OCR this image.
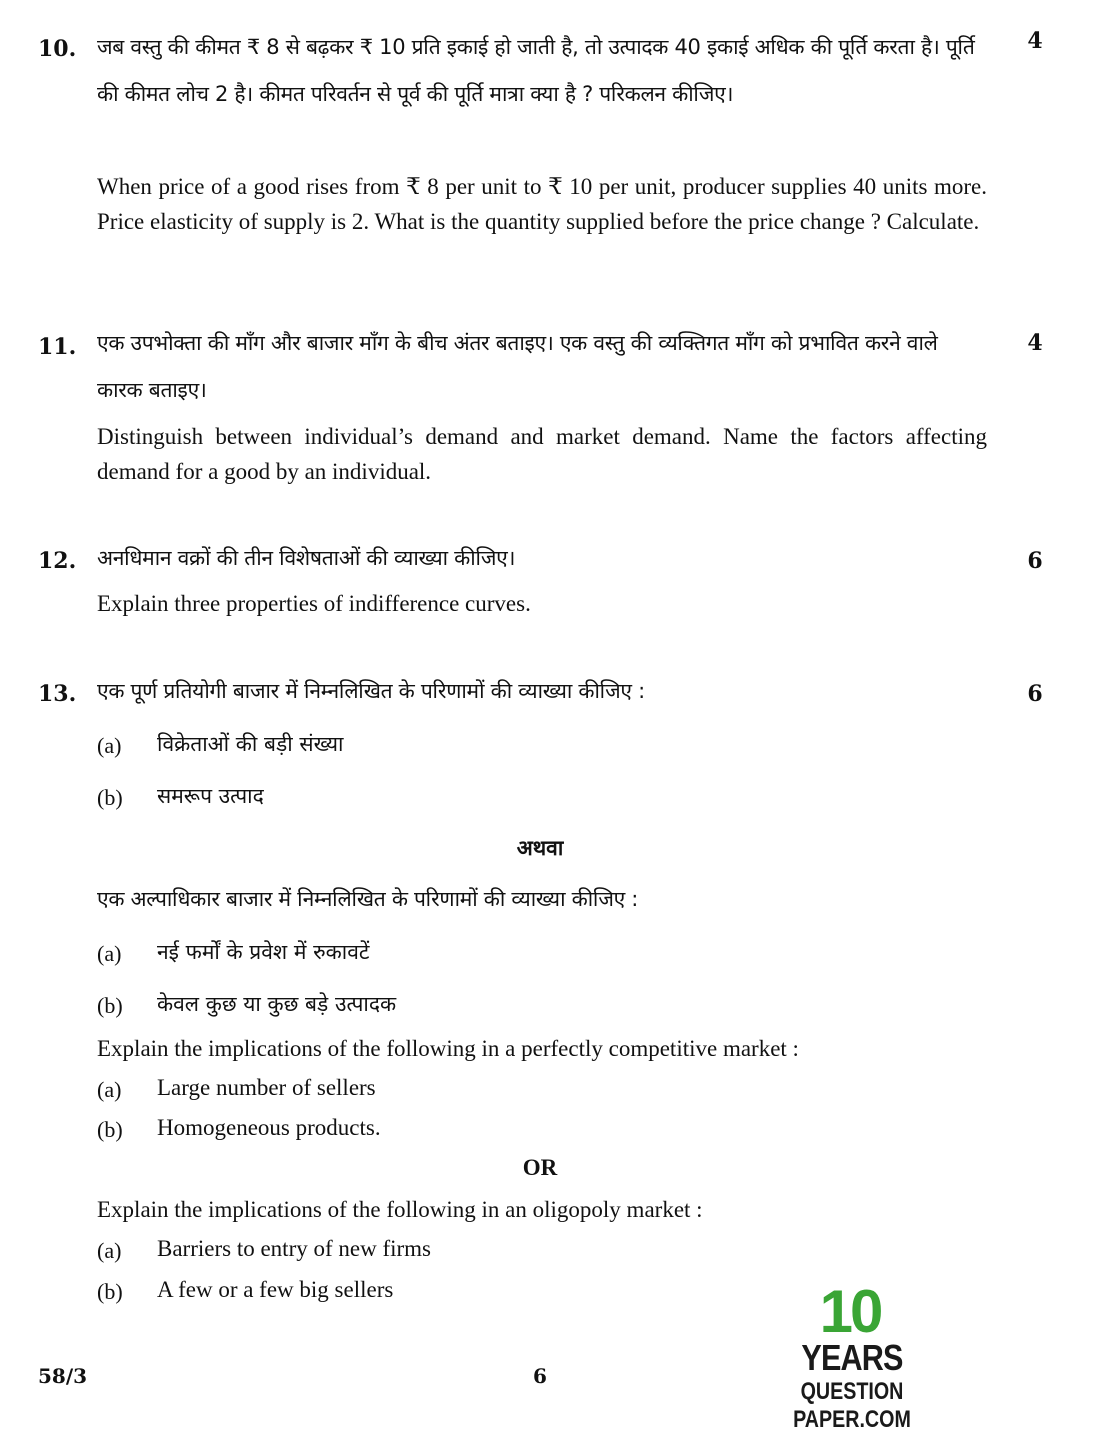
10.	4
जब वस्तु की कीमत ₹ 8 से बढ़कर ₹ 10 प्रति इकाई हो जाती है, तो उत्पादक 40 इकाई अधिक की पूर्ति करता है। पूर्ति की कीमत लोच 2 है। कीमत परिवर्तन से पूर्व की पूर्ति मात्रा क्या है ? परिकलन कीजिए।
When price of a good rises from ₹ 8 per unit to ₹ 10 per unit, producer supplies 40 units more. Price elasticity of supply is 2. What is the quantity supplied before the price change ? Calculate.
11.	4
एक उपभोक्ता की माँग और बाजार माँग के बीच अंतर बताइए। एक वस्तु की व्यक्तिगत माँग को प्रभावित करने वाले कारक बताइए।
Distinguish between individual’s demand and market demand. Name the factors affecting demand for a good by an individual.
12.	6
अनधिमान वक्रों की तीन विशेषताओं की व्याख्या कीजिए।
Explain three properties of indifference curves.
13.	6
एक पूर्ण प्रतियोगी बाजार में निम्नलिखित के परिणामों की व्याख्या कीजिए :
(a) विक्रेताओं की बड़ी संख्या
(b) समरूप उत्पाद
अथवा
एक अल्पाधिकार बाजार में निम्नलिखित के परिणामों की व्याख्या कीजिए :
(a) नई फर्मों के प्रवेश में रुकावटें
(b) केवल कुछ या कुछ बड़े उत्पादक
Explain the implications of the following in a perfectly competitive market :
(a) Large number of sellers
(b) Homogeneous products.
OR
Explain the implications of the following in an oligopoly market :
(a) Barriers to entry of new firms
(b) A few or a few big sellers
58/3	6
10
YEARS
QUESTION PAPER.COM
